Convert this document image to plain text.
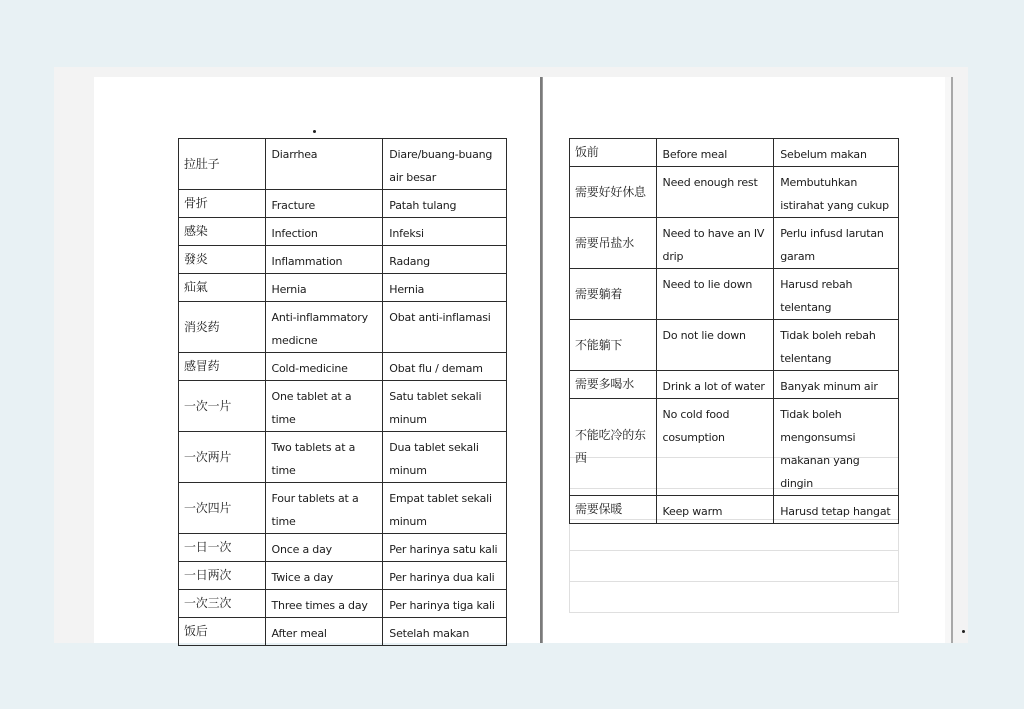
拉肚子	Diarrhea	Diare/buang-buang air besar
骨折	Fracture	Patah tulang
感染	Infection	Infeksi
發炎	Inflammation	Radang
疝氣	Hernia	Hernia
消炎药	Anti-inflammatory medicne	Obat anti-inflamasi
感冒药	Cold-medicine	Obat flu / demam
一次一片	One tablet at a time	Satu tablet sekali minum
一次两片	Two tablets at a time	Dua tablet sekali minum
一次四片	Four tablets at a time	Empat tablet sekali minum
一日一次	Once a day	Per harinya satu kali
一日两次	Twice a day	Per harinya dua kali
一次三次	Three times a day	Per harinya tiga kali
饭后	After meal	Setelah makan
饭前	Before meal	Sebelum makan
需要好好休息	Need enough rest	Membutuhkan istirahat yang cukup
需要吊盐水	Need to have an IV drip	Perlu infusd larutan garam
需要躺着	Need to lie down	Harusd rebah telentang
不能躺下	Do not lie down	Tidak boleh rebah telentang
需要多喝水	Drink a lot of water	Banyak minum air
不能吃冷的东西	No cold food cosumption	Tidak boleh mengonsumsi makanan yang dingin
需要保暖	Keep warm	Harusd tetap hangat
